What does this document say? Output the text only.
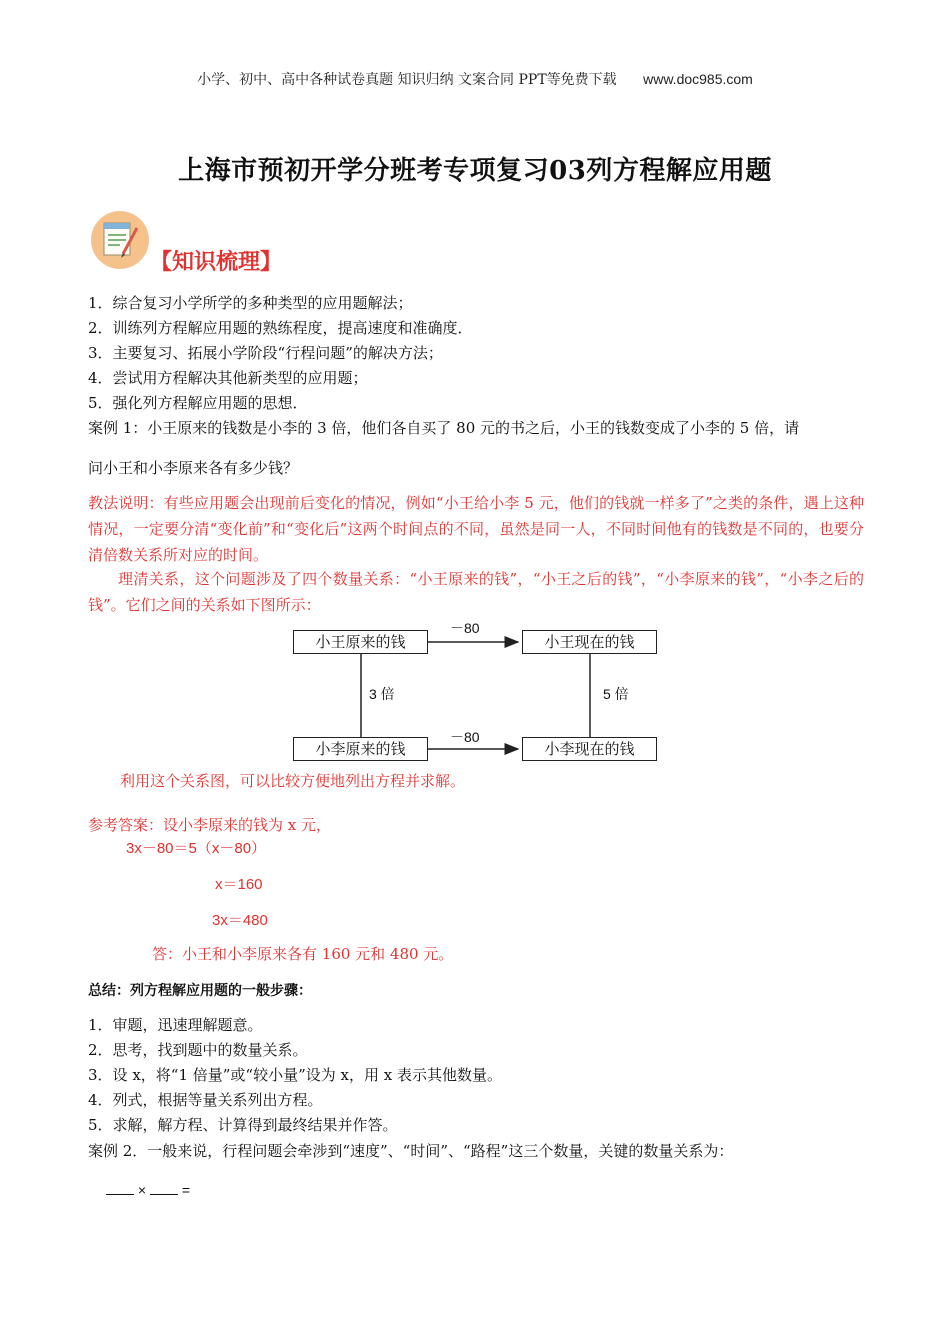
小学、初中、高中各种试卷真题 知识归纳 文案合同 PPT等免费下载 www.doc985.com
上海市预初开学分班考专项复习03列方程解应用题
【知识梳理】
1．综合复习小学所学的多种类型的应用题解法；
2．训练列方程解应用题的熟练程度，提高速度和准确度．
3．主要复习、拓展小学阶段“行程问题”的解决方法；
4．尝试用方程解决其他新类型的应用题；
5．强化列方程解应用题的思想．
案例 1：小王原来的钱数是小李的 3 倍，他们各自买了 80 元的书之后，小王的钱数变成了小李的 5 倍，请
问小王和小李原来各有多少钱？
教法说明：有些应用题会出现前后变化的情况，例如“小王给小李 5 元，他们的钱就一样多了”之类的条件，遇上这种情况，一定要分清“变化前”和“变化后”这两个时间点的不同，虽然是同一人，不同时间他有的钱数是不同的，也要分清倍数关系所对应的时间。
理清关系，这个问题涉及了四个数量关系：“小王原来的钱”，“小王之后的钱”，“小李原来的钱”，“小李之后的钱”。它们之间的关系如下图所示：
小王原来的钱	小王现在的钱
小李原来的钱	小李现在的钱
－80
－80
3 倍	5 倍
利用这个关系图，可以比较方便地列出方程并求解。
参考答案：设小李原来的钱为 x 元，
3x－80＝5（x－80）
x＝160
3x＝480
答：小王和小李原来各有 160 元和 480 元。
总结：列方程解应用题的一般步骤：
1．审题，迅速理解题意。
2．思考，找到题中的数量关系。
3．设 x，将“1 倍量”或“较小量”设为 x，用 x 表示其他数量。
4．列式，根据等量关系列出方程。
5．求解，解方程、计算得到最终结果并作答。
案例 2．一般来说，行程问题会牵涉到“速度”、“时间”、“路程”这三个数量，关键的数量关系为：
×	=
